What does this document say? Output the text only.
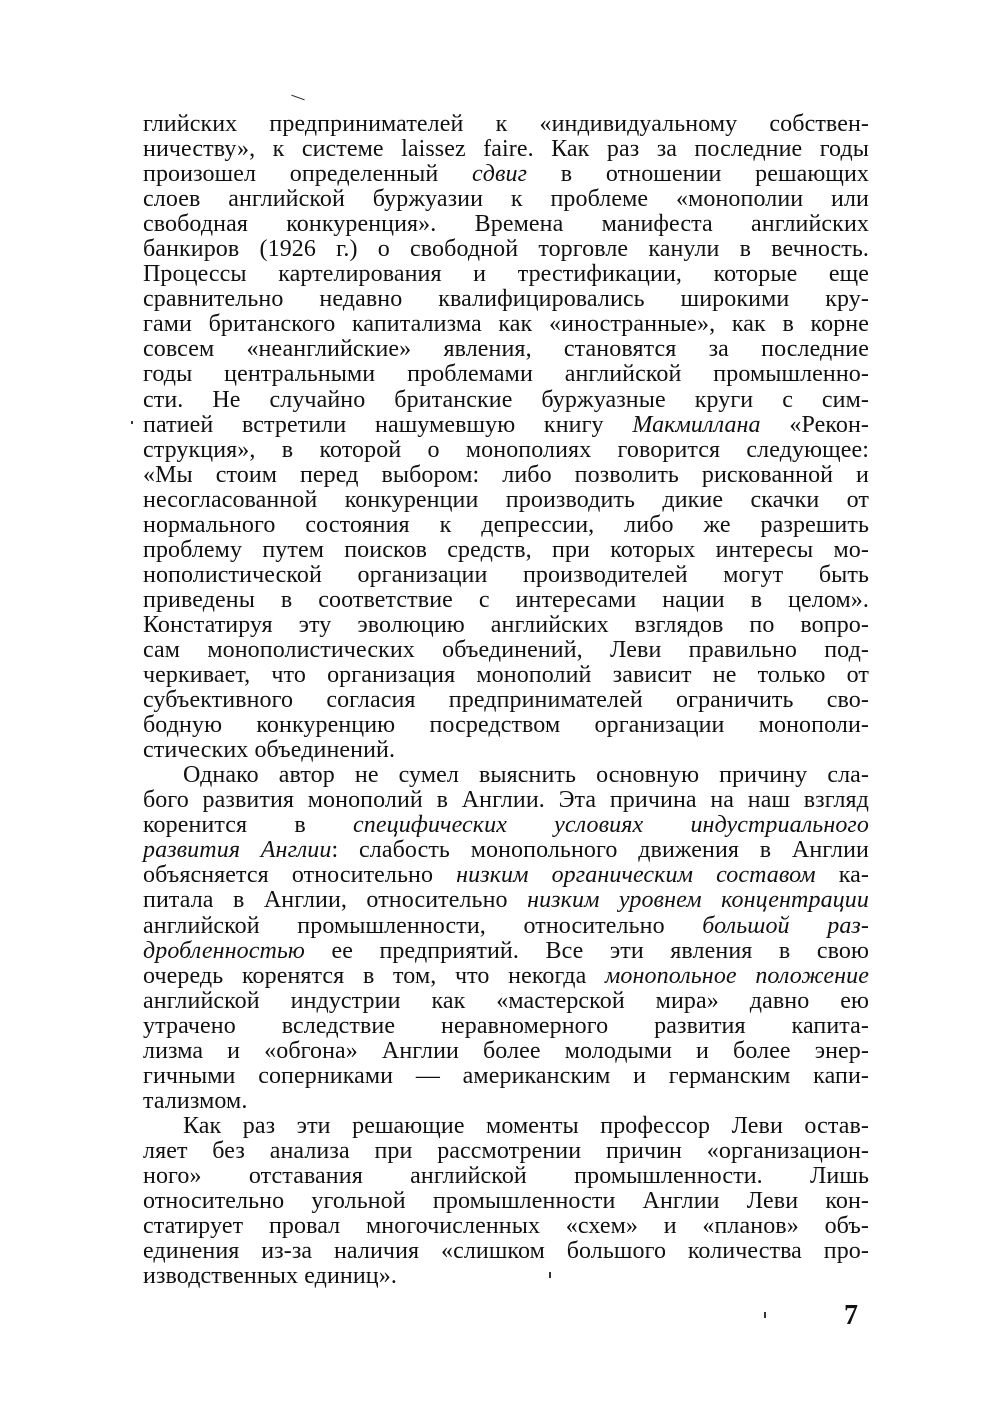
глийских предпринимателей к «индивидуальному собствен-
ничеству», к системе laissez faire. Как раз за последние годы
произошел определенный сдвиг в отношении решающих
слоев английской буржуазии к проблеме «монополии или
свободная конкуренция». Времена манифеста английских
банкиров (1926 г.) о свободной торговле канули в вечность.
Процессы картелирования и трестификации, которые еще
сравнительно недавно квалифицировались широкими кру-
гами британского капитализма как «иностранные», как в корне
совсем «неанглийские» явления, становятся за последние
годы центральными проблемами английской промышленно-
сти. Не случайно британские буржуазные круги с сим-
патией встретили нашумевшую книгу Макмиллана «Рекон-
струкция», в которой о монополиях говорится следующее:
«Мы стоим перед выбором: либо позволить рискованной и
несогласованной конкуренции производить дикие скачки от
нормального состояния к депрессии, либо же разрешить
проблему путем поисков средств, при которых интересы мо-
нополистической организации производителей могут быть
приведены в соответствие с интересами нации в целом».
Констатируя эту эволюцию английских взглядов по вопро-
сам монополистических объединений, Леви правильно под-
черкивает, что организация монополий зависит не только от
субъективного согласия предпринимателей ограничить сво-
бодную конкуренцию посредством организации монополи-
стических объединений.
Однако автор не сумел выяснить основную причину сла-
бого развития монополий в Англии. Эта причина на наш взгляд
коренится в специфических условиях индустриального
развития Англии: слабость монопольного движения в Англии
объясняется относительно низким органическим составом ка-
питала в Англии, относительно низким уровнем концентрации
английской промышленности, относительно большой раз-
дробленностью ее предприятий. Все эти явления в свою
очередь коренятся в том, что некогда монопольное положение
английской индустрии как «мастерской мира» давно ею
утрачено вследствие неравномерного развития капита-
лизма и «обгона» Англии более молодыми и более энер-
гичными соперниками — американским и германским капи-
тализмом.
Как раз эти решающие моменты профессор Леви остав-
ляет без анализа при рассмотрении причин «организацион-
ного» отставания английской промышленности. Лишь
относительно угольной промышленности Англии Леви кон-
статирует провал многочисленных «схем» и «планов» объ-
единения из-за наличия «слишком большого количества про-
изводственных единиц».
7
